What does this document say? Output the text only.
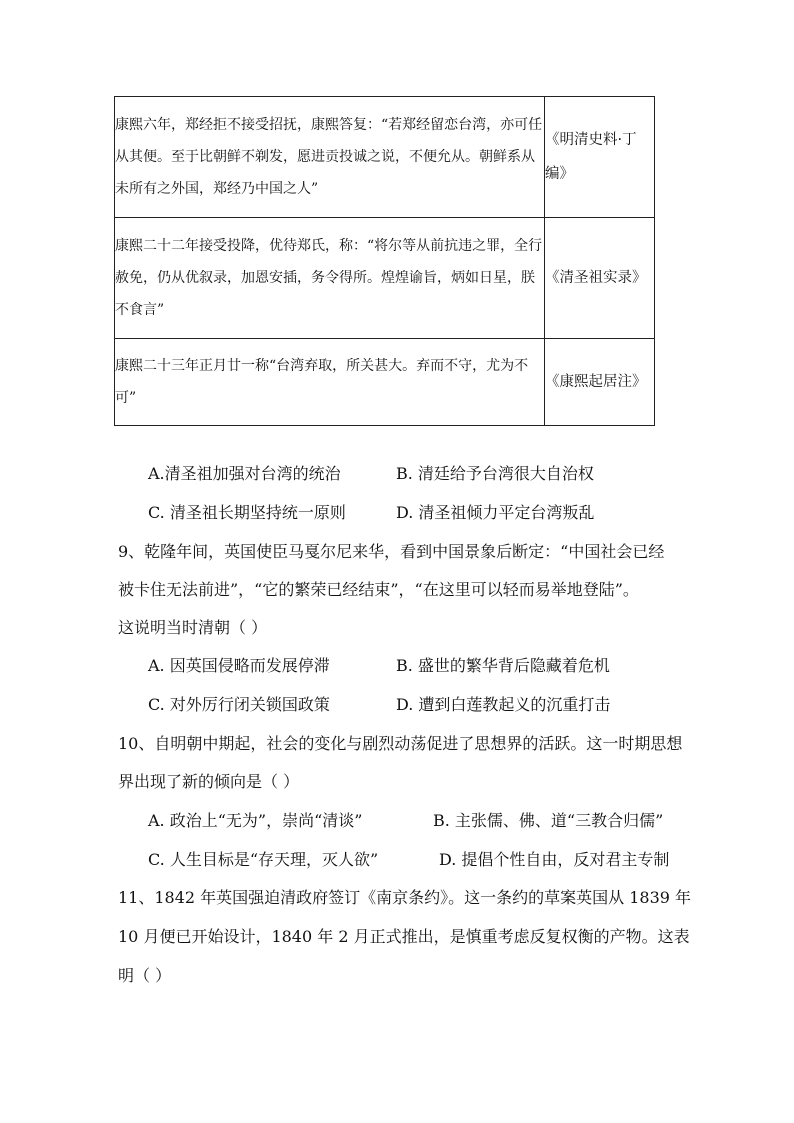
康熙六年，郑经拒不接受招抚，康熙答复：“若郑经留恋台湾，亦可任从其便。至于比朝鲜不剃发，愿进贡投诚之说，不便允从。朝鲜系从未所有之外国，郑经乃中国之人”	《明清史料·丁编》
康熙二十二年接受投降，优待郑氏，称：“将尔等从前抗违之罪，全行赦免，仍从优叙录，加恩安插，务令得所。煌煌谕旨，炳如日星，朕不食言”	《清圣祖实录》
康熙二十三年正月廿一称“台湾弃取，所关甚大。弃而不守，尤为不可”	《康熙起居注》
A.清圣祖加强对台湾的统治	B. 清廷给予台湾很大自治权
C. 清圣祖长期坚持统一原则	D. 清圣祖倾力平定台湾叛乱
9、乾隆年间，英国使臣马戛尔尼来华，看到中国景象后断定：“中国社会已经
被卡住无法前进”，“它的繁荣已经结束”，“在这里可以轻而易举地登陆”。
这说明当时清朝（ ）
A. 因英国侵略而发展停滞	B. 盛世的繁华背后隐藏着危机
C. 对外厉行闭关锁国政策	D. 遭到白莲教起义的沉重打击
10、自明朝中期起，社会的变化与剧烈动荡促进了思想界的活跃。这一时期思想
界出现了新的倾向是（ ）
A. 政治上“无为”，崇尚“清谈”	B. 主张儒、佛、道“三教合归儒”
C. 人生目标是“存天理，灭人欲”	D. 提倡个性自由，反对君主专制
11、1842 年英国强迫清政府签订《南京条约》。这一条约的草案英国从 1839 年
10 月便已开始设计，1840 年 2 月正式推出，是慎重考虑反复权衡的产物。这表
明（ ）
